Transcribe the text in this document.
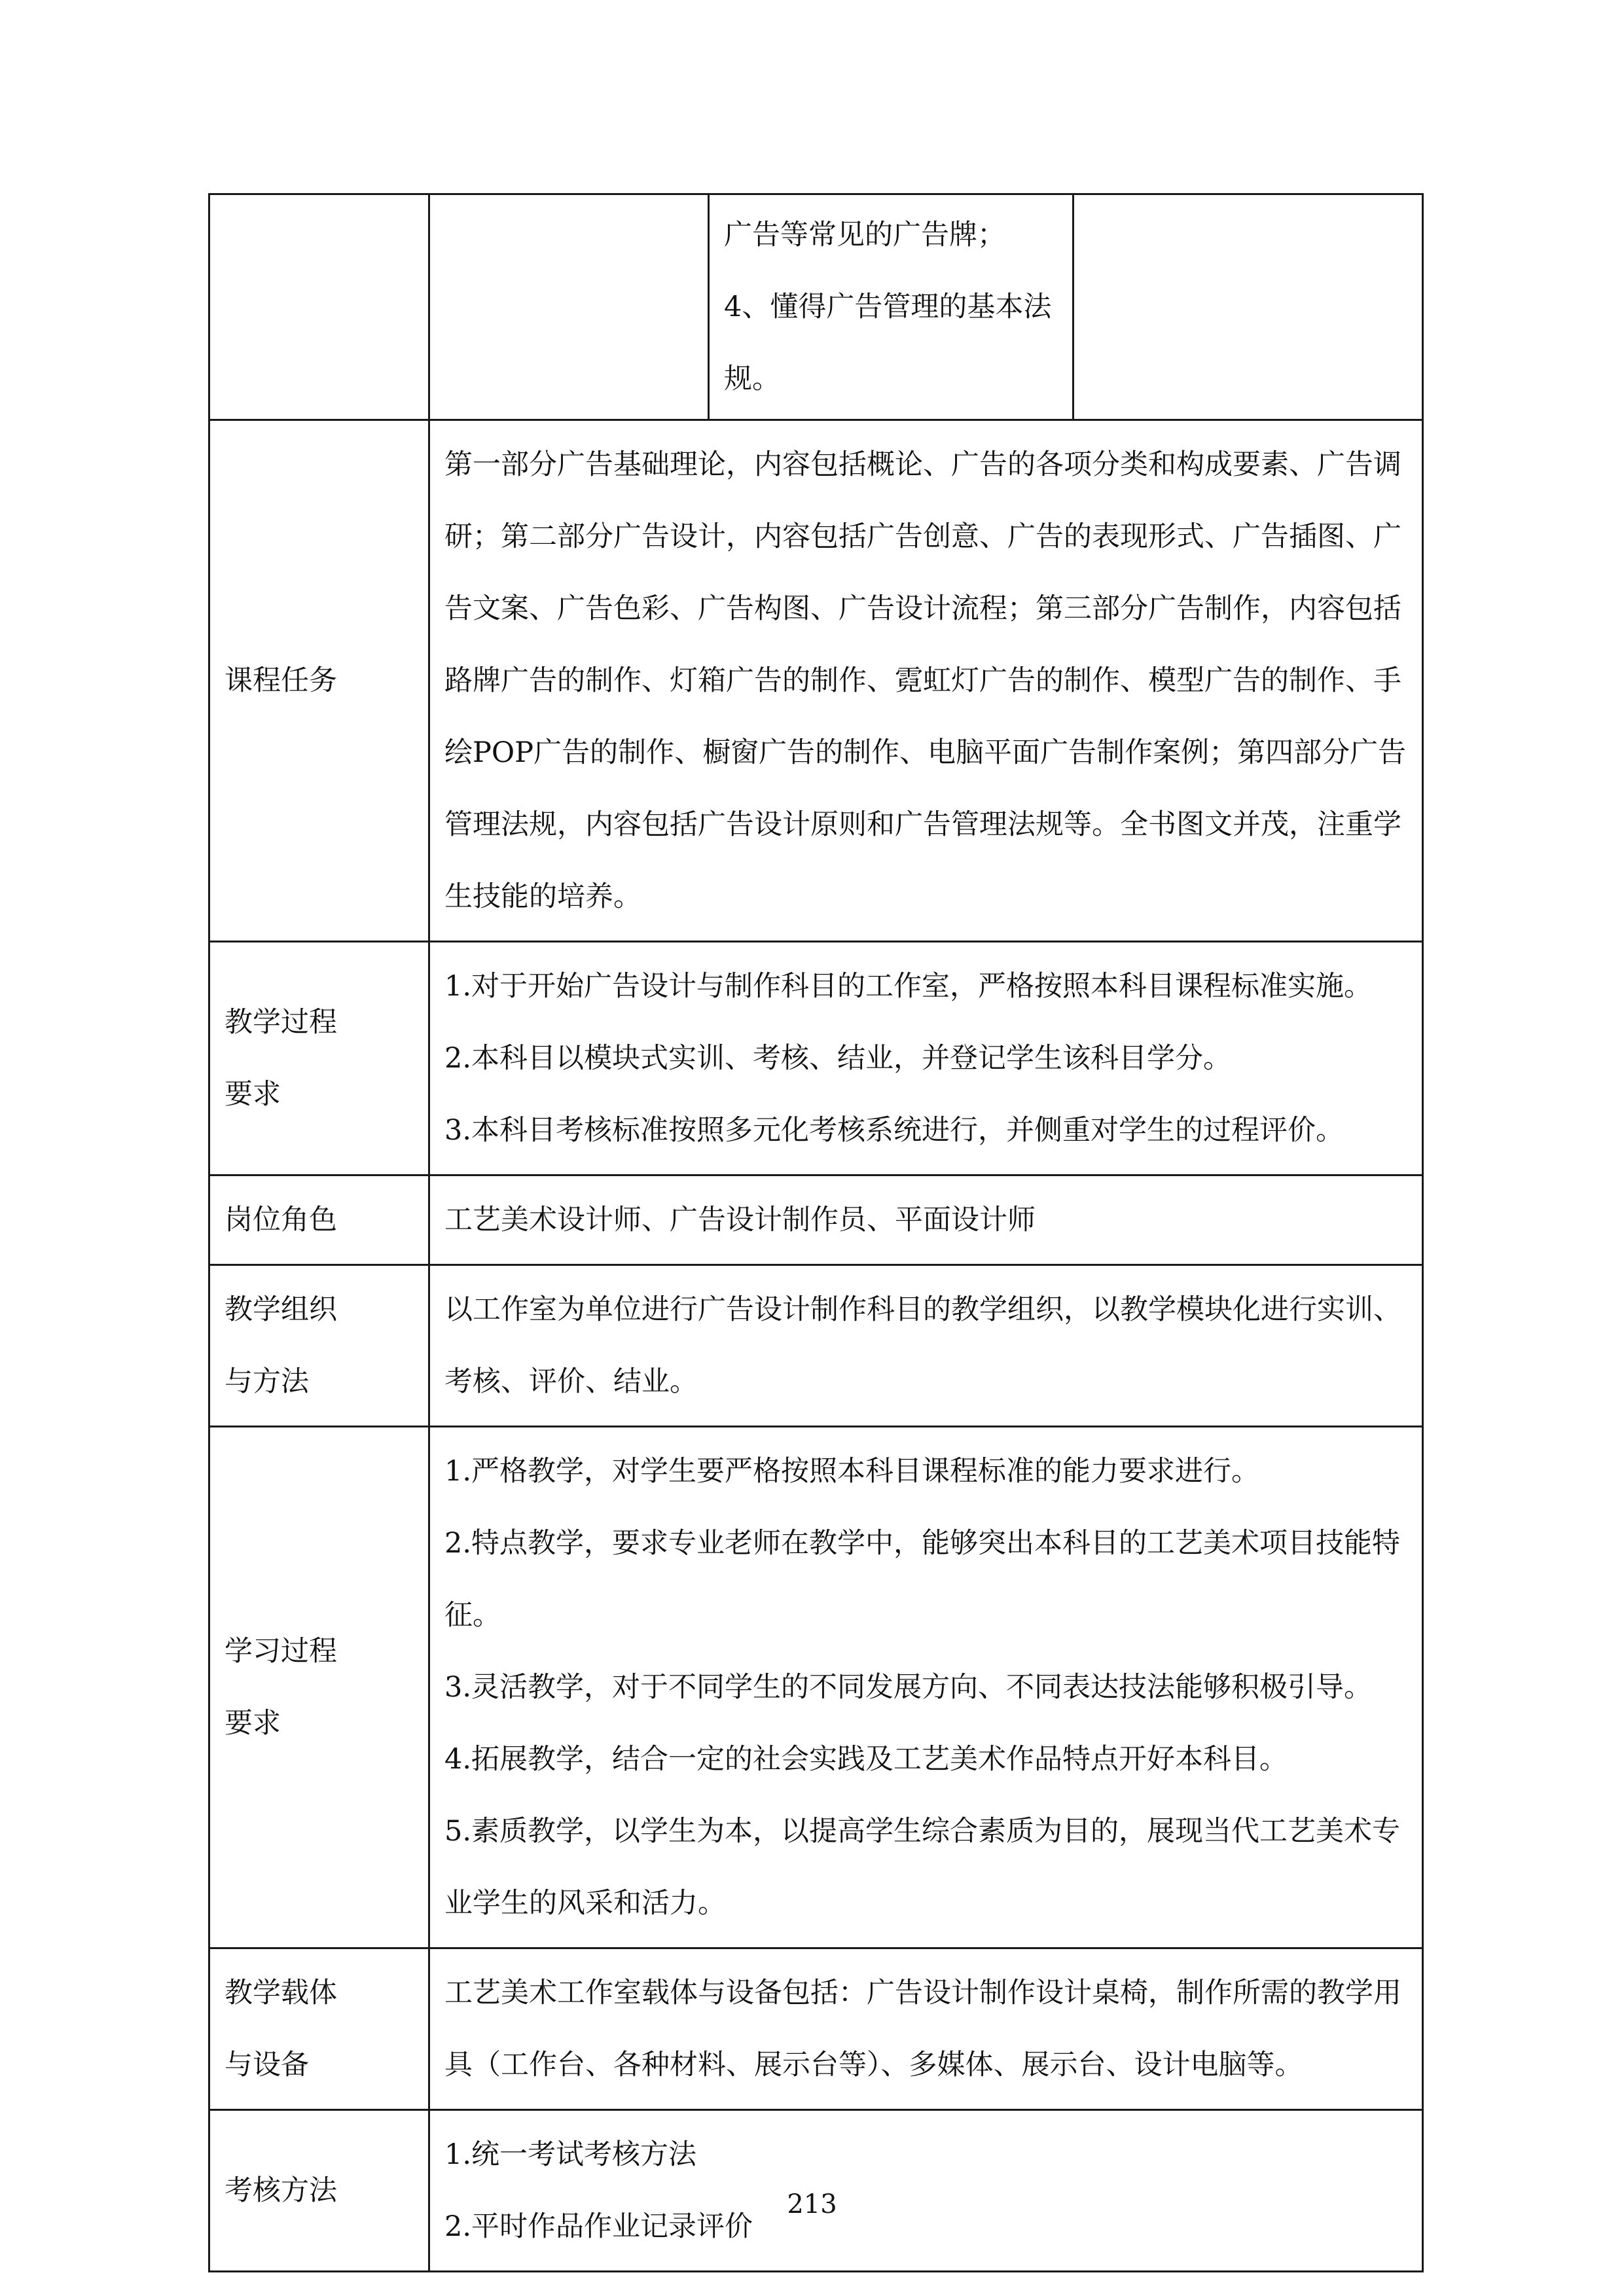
		广告等常见的广告牌；
4、懂得广告管理的基本法
规。	

课程任务	第一部分广告基础理论，内容包括概论、广告的各项分类和构成要素、广告调研；第二部分广告设计，内容包括广告创意、广告的表现形式、广告插图、广告文案、广告色彩、广告构图、广告设计流程；第三部分广告制作，内容包括路牌广告的制作、灯箱广告的制作、霓虹灯广告的制作、模型广告的制作、手绘POP广告的制作、橱窗广告的制作、电脑平面广告制作案例；第四部分广告管理法规，内容包括广告设计原则和广告管理法规等。全书图文并茂，注重学生技能的培养。		

教学过程
要求	1.对于开始广告设计与制作科目的工作室，严格按照本科目课程标准实施。
2.本科目以模块式实训、考核、结业，并登记学生该科目学分。
3.本科目考核标准按照多元化考核系统进行，并侧重对学生的过程评价。		

岗位角色	工艺美术设计师、广告设计制作员、平面设计师		

教学组织
与方法	以工作室为单位进行广告设计制作科目的教学组织，以教学模块化进行实训、考核、评价、结业。		

学习过程
要求	1.严格教学，对学生要严格按照本科目课程标准的能力要求进行。
2.特点教学，要求专业老师在教学中，能够突出本科目的工艺美术项目技能特征。
3.灵活教学，对于不同学生的不同发展方向、不同表达技法能够积极引导。
4.拓展教学，结合一定的社会实践及工艺美术作品特点开好本科目。
5.素质教学，以学生为本，以提高学生综合素质为目的，展现当代工艺美术专业学生的风采和活力。		

教学载体
与设备	工艺美术工作室载体与设备包括：广告设计制作设计桌椅，制作所需的教学用具（工作台、各种材料、展示台等）、多媒体、展示台、设计电脑等。		

考核方法	1.统一考试考核方法
2.平时作品作业记录评价		
213
